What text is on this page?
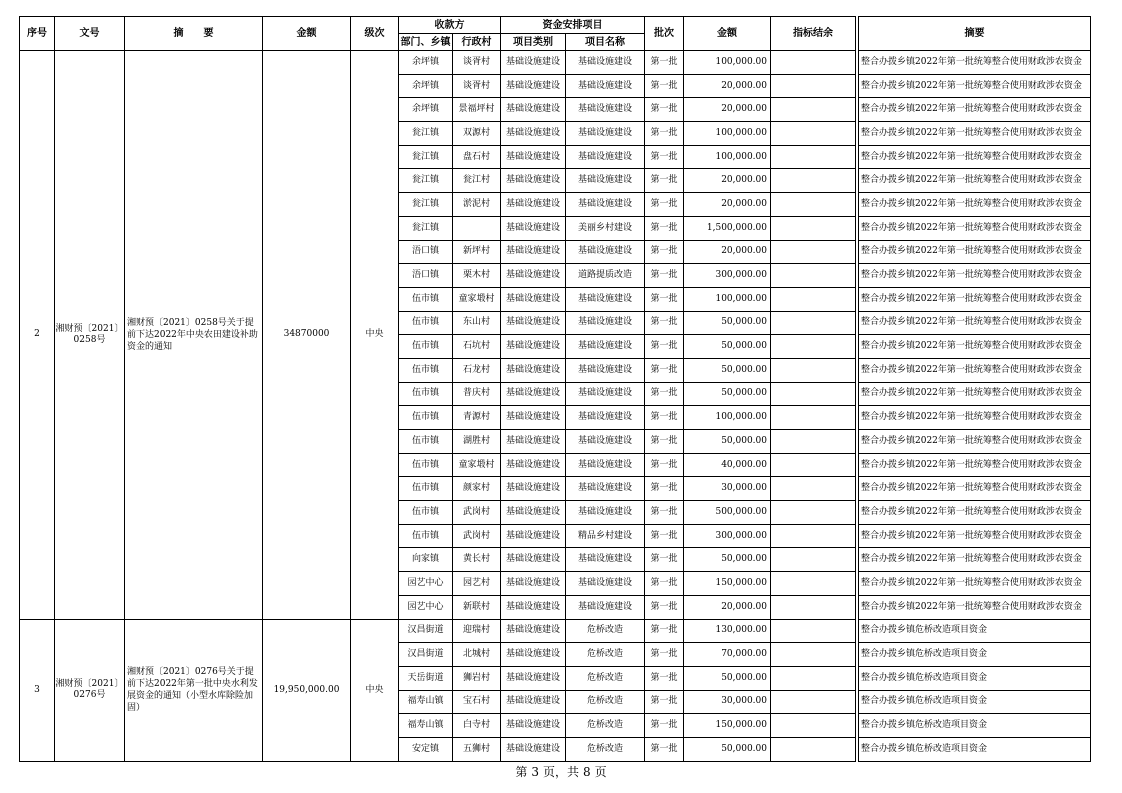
序号	文号	摘　　要	金额	级次	收款方		资金安排项目		批次	金额	指标结余		摘要
					部门、乡镇	行政村	项目类别	项目名称					
2	湘财预〔2021〕0258号	湘财预〔2021〕0258号关于提前下达2022年中央农田建设补助资金的通知	34870000	中央	余坪镇	谈胥村	基础设施建设	基础设施建设	第一批	100,000.00			整合办拨乡镇2022年第一批统筹整合使用财政涉农资金
					余坪镇	谈胥村	基础设施建设	基础设施建设	第一批	20,000.00			整合办拨乡镇2022年第一批统筹整合使用财政涉农资金
					余坪镇	景福坪村	基础设施建设	基础设施建设	第一批	20,000.00			整合办拨乡镇2022年第一批统筹整合使用财政涉农资金
					瓮江镇	双源村	基础设施建设	基础设施建设	第一批	100,000.00			整合办拨乡镇2022年第一批统筹整合使用财政涉农资金
					瓮江镇	盘石村	基础设施建设	基础设施建设	第一批	100,000.00			整合办拨乡镇2022年第一批统筹整合使用财政涉农资金
					瓮江镇	瓮江村	基础设施建设	基础设施建设	第一批	20,000.00			整合办拨乡镇2022年第一批统筹整合使用财政涉农资金
					瓮江镇	淤泥村	基础设施建设	基础设施建设	第一批	20,000.00			整合办拨乡镇2022年第一批统筹整合使用财政涉农资金
					瓮江镇		基础设施建设	美丽乡村建设	第一批	1,500,000.00			整合办拨乡镇2022年第一批统筹整合使用财政涉农资金
					浯口镇	新坪村	基础设施建设	基础设施建设	第一批	20,000.00			整合办拨乡镇2022年第一批统筹整合使用财政涉农资金
					浯口镇	栗木村	基础设施建设	道路提质改造	第一批	300,000.00			整合办拨乡镇2022年第一批统筹整合使用财政涉农资金
					伍市镇	童家塅村	基础设施建设	基础设施建设	第一批	100,000.00			整合办拨乡镇2022年第一批统筹整合使用财政涉农资金
					伍市镇	东山村	基础设施建设	基础设施建设	第一批	50,000.00			整合办拨乡镇2022年第一批统筹整合使用财政涉农资金
					伍市镇	石坑村	基础设施建设	基础设施建设	第一批	50,000.00			整合办拨乡镇2022年第一批统筹整合使用财政涉农资金
					伍市镇	石龙村	基础设施建设	基础设施建设	第一批	50,000.00			整合办拨乡镇2022年第一批统筹整合使用财政涉农资金
					伍市镇	普庆村	基础设施建设	基础设施建设	第一批	50,000.00			整合办拨乡镇2022年第一批统筹整合使用财政涉农资金
					伍市镇	青源村	基础设施建设	基础设施建设	第一批	100,000.00			整合办拨乡镇2022年第一批统筹整合使用财政涉农资金
					伍市镇	湖胜村	基础设施建设	基础设施建设	第一批	50,000.00			整合办拨乡镇2022年第一批统筹整合使用财政涉农资金
					伍市镇	童家塅村	基础设施建设	基础设施建设	第一批	40,000.00			整合办拨乡镇2022年第一批统筹整合使用财政涉农资金
					伍市镇	颜家村	基础设施建设	基础设施建设	第一批	30,000.00			整合办拨乡镇2022年第一批统筹整合使用财政涉农资金
					伍市镇	武岗村	基础设施建设	基础设施建设	第一批	500,000.00			整合办拨乡镇2022年第一批统筹整合使用财政涉农资金
					伍市镇	武岗村	基础设施建设	精品乡村建设	第一批	300,000.00			整合办拨乡镇2022年第一批统筹整合使用财政涉农资金
					向家镇	黄长村	基础设施建设	基础设施建设	第一批	50,000.00			整合办拨乡镇2022年第一批统筹整合使用财政涉农资金
					园艺中心	园艺村	基础设施建设	基础设施建设	第一批	150,000.00			整合办拨乡镇2022年第一批统筹整合使用财政涉农资金
					园艺中心	新联村	基础设施建设	基础设施建设	第一批	20,000.00			整合办拨乡镇2022年第一批统筹整合使用财政涉农资金
3	湘财预〔2021〕0276号	湘财预〔2021〕0276号关于提前下达2022年第一批中央水利发展资金的通知（小型水库除险加固）	19,950,000.00	中央	汉昌街道	迎瑞村	基础设施建设	危桥改造	第一批	130,000.00			整合办拨乡镇危桥改造项目资金
					汉昌街道	北城村	基础设施建设	危桥改造	第一批	70,000.00			整合办拨乡镇危桥改造项目资金
					天岳街道	狮岩村	基础设施建设	危桥改造	第一批	50,000.00			整合办拨乡镇危桥改造项目资金
					福寿山镇	宝石村	基础设施建设	危桥改造	第一批	30,000.00			整合办拨乡镇危桥改造项目资金
					福寿山镇	白寺村	基础设施建设	危桥改造	第一批	150,000.00			整合办拨乡镇危桥改造项目资金
					安定镇	五狮村	基础设施建设	危桥改造	第一批	50,000.00			整合办拨乡镇危桥改造项目资金
第 3 页，共 8 页
